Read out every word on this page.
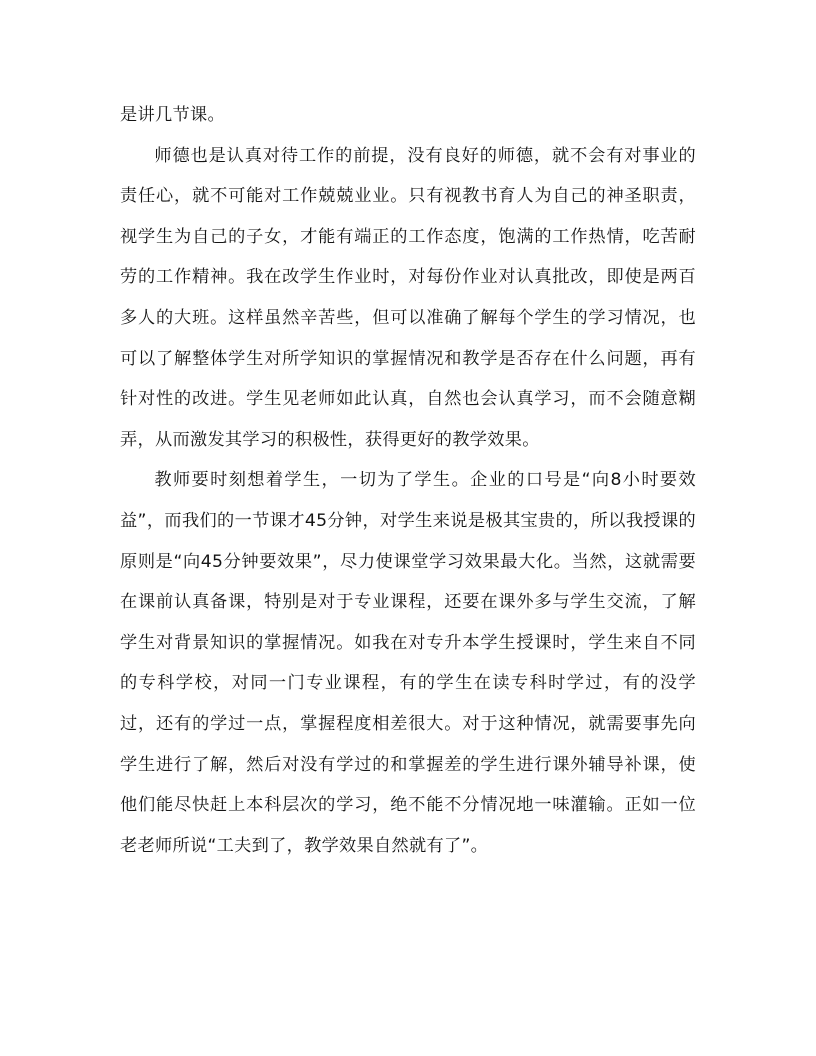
是讲几节课。

师德也是认真对待工作的前提，没有良好的师德，就不会有对事业的责任心，就不可能对工作兢兢业业。只有视教书育人为自己的神圣职责，视学生为自己的子女，才能有端正的工作态度，饱满的工作热情，吃苦耐劳的工作精神。我在改学生作业时，对每份作业对认真批改，即使是两百多人的大班。这样虽然辛苦些，但可以准确了解每个学生的学习情况，也可以了解整体学生对所学知识的掌握情况和教学是否存在什么问题，再有针对性的改进。学生见老师如此认真，自然也会认真学习，而不会随意糊弄，从而激发其学习的积极性，获得更好的教学效果。

教师要时刻想着学生，一切为了学生。企业的口号是“向8小时要效益”，而我们的一节课才45分钟，对学生来说是极其宝贵的，所以我授课的原则是“向45分钟要效果”，尽力使课堂学习效果最大化。当然，这就需要在课前认真备课，特别是对于专业课程，还要在课外多与学生交流，了解学生对背景知识的掌握情况。如我在对专升本学生授课时，学生来自不同的专科学校，对同一门专业课程，有的学生在读专科时学过，有的没学过，还有的学过一点，掌握程度相差很大。对于这种情况，就需要事先向学生进行了解，然后对没有学过的和掌握差的学生进行课外辅导补课，使他们能尽快赶上本科层次的学习，绝不能不分情况地一味灌输。正如一位老老师所说“工夫到了，教学效果自然就有了”。
